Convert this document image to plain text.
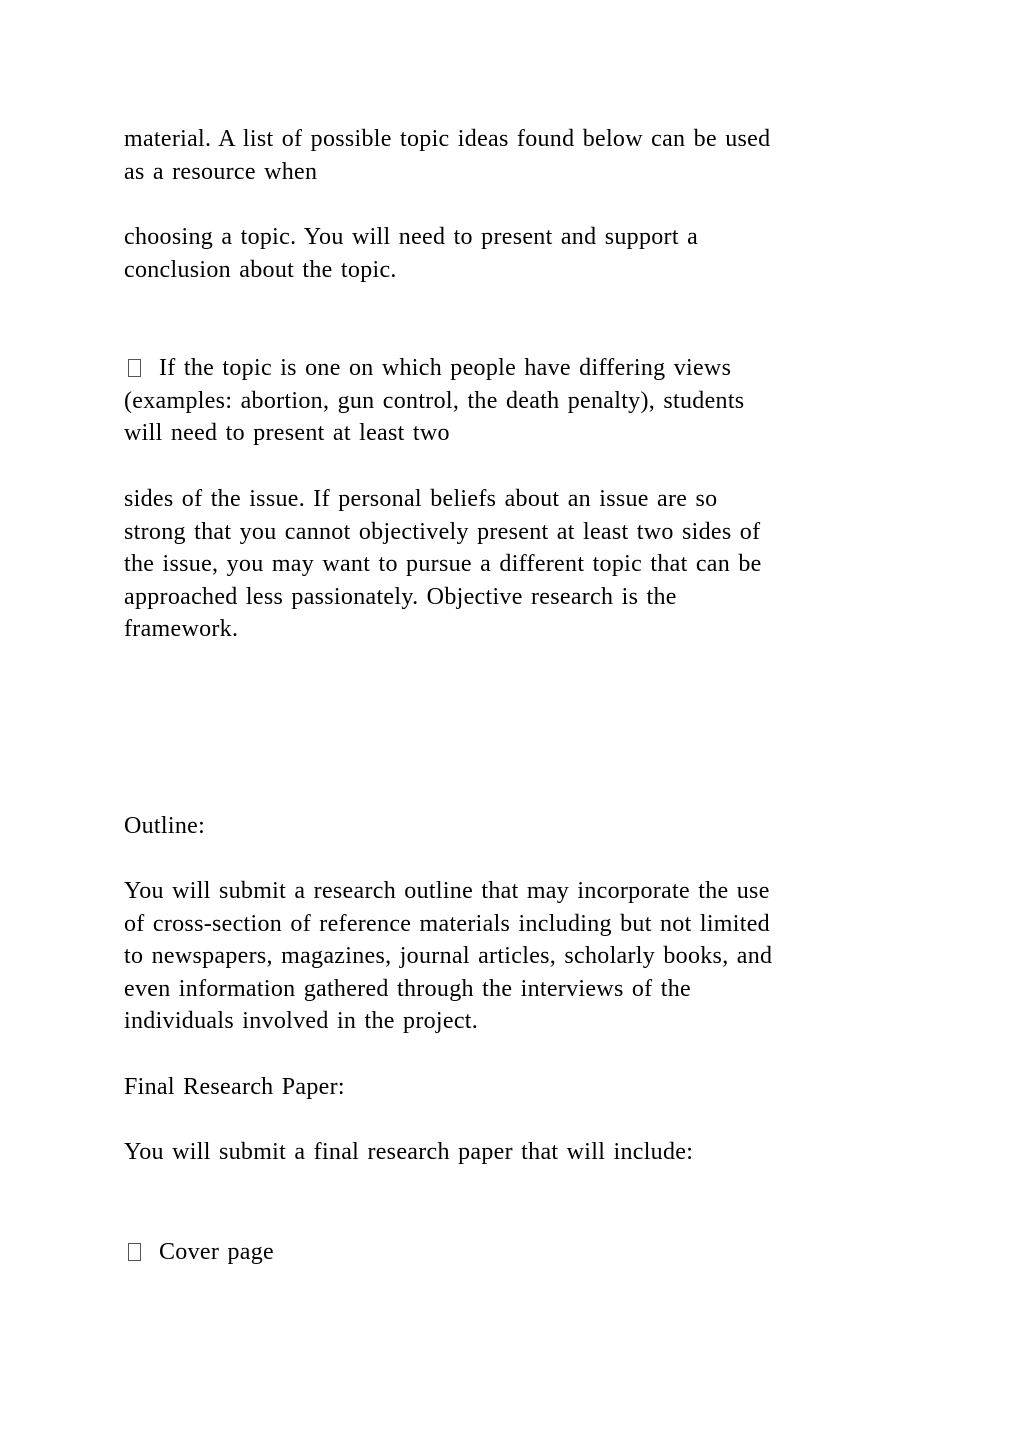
material. A list of possible topic ideas found below can be used
as a resource when

choosing a topic. You will need to present and support a
conclusion about the topic.

If the topic is one on which people have differing views
(examples: abortion, gun control, the death penalty), students
will need to present at least two

sides of the issue. If personal beliefs about an issue are so
strong that you cannot objectively present at least two sides of
the issue, you may want to pursue a different topic that can be
approached less passionately. Objective research is the
framework.

Outline:

You will submit a research outline that may incorporate the use
of cross-section of reference materials including but not limited
to newspapers, magazines, journal articles, scholarly books, and
even information gathered through the interviews of the
individuals involved in the project.

Final Research Paper:

You will submit a final research paper that will include:

Cover page
